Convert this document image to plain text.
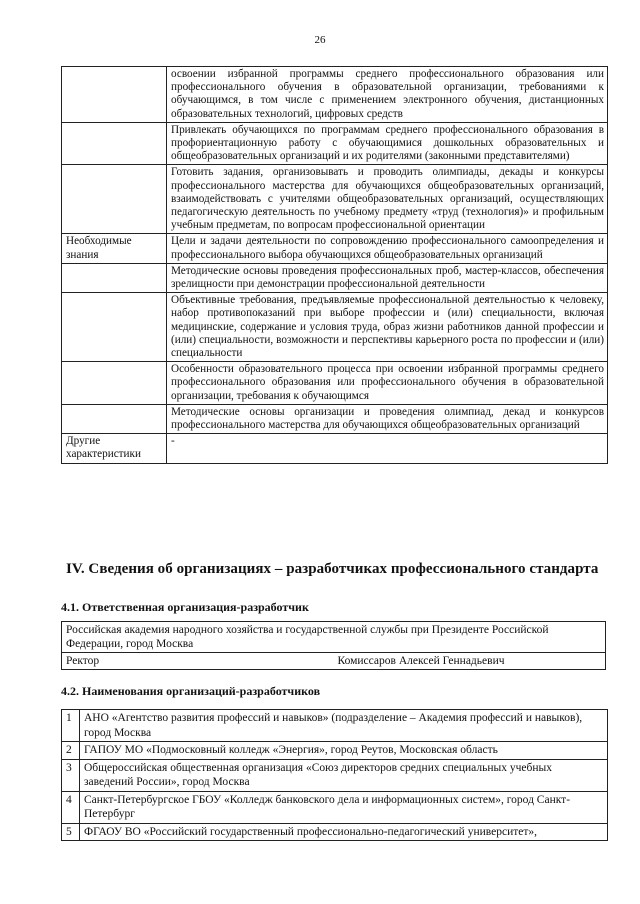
26
	освоении избранной программы среднего профессионального образования или профессионального обучения в образовательной организации, требованиями к обучающимся, в том числе с применением электронного обучения, дистанционных образовательных технологий, цифровых средств
	Привлекать обучающихся по программам среднего профессионального образования в профориентационную работу с обучающимися дошкольных образовательных и общеобразовательных организаций и их родителями (законными представителями)
	Готовить задания, организовывать и проводить олимпиады, декады и конкурсы профессионального мастерства для обучающихся общеобразовательных организаций, взаимодействовать с учителями общеобразовательных организаций, осуществляющих педагогическую деятельность по учебному предмету «труд (технология)» и профильным учебным предметам, по вопросам профессиональной ориентации
Необходимые знания	Цели и задачи деятельности по сопровождению профессионального самоопределения и профессионального выбора обучающихся общеобразовательных организаций
	Методические основы проведения профессиональных проб, мастер-классов, обеспечения зрелищности при демонстрации профессиональной деятельности
	Объективные требования, предъявляемые профессиональной деятельностью к человеку, набор противопоказаний при выборе профессии и (или) специальности, включая медицинские, содержание и условия труда, образ жизни работников данной профессии и (или) специальности, возможности и перспективы карьерного роста по профессии и (или) специальности
	Особенности образовательного процесса при освоении избранной программы среднего профессионального образования или профессионального обучения в образовательной организации, требования к обучающимся
	Методические основы организации и проведения олимпиад, декад и конкурсов профессионального мастерства для обучающихся общеобразовательных организаций
Другие характеристики	-
IV. Сведения об организациях – разработчиках профессионального стандарта
4.1. Ответственная организация-разработчик
Российская академия народного хозяйства и государственной службы при Президенте Российской Федерации, город Москва
Ректор	Комиссаров Алексей Геннадьевич
4.2. Наименования организаций-разработчиков
1	АНО «Агентство развития профессий и навыков» (подразделение – Академия профессий и навыков), город Москва
2	ГАПОУ МО «Подмосковный колледж «Энергия», город Реутов, Московская область
3	Общероссийская общественная организация «Союз директоров средних специальных учебных заведений России», город Москва
4	Санкт-Петербургское ГБОУ «Колледж банковского дела и информационных систем», город Санкт-Петербург
5	ФГАОУ ВО «Российский государственный профессионально-педагогический университет»,
